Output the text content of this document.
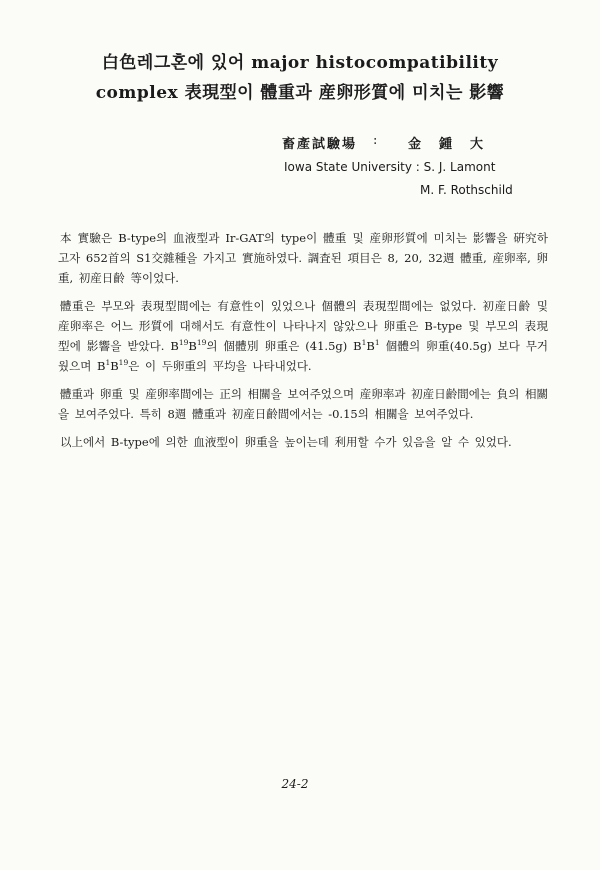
白色레그혼에 있어 major histocompatibility
complex 表現型이 體重과 産卵形質에 미치는 影響
畜產試驗場 : 金鍾大
Iowa State University : S. J. Lamont
M. F. Rothschild

本 實驗은 B-type의 血液型과 Ir-GAT의 type이 體重 및 産卵形質에 미치는 影響을 硏究하고자 652首의 S1交雜種을 가지고 實施하였다. 調査된 項目은 8, 20, 32週 體重, 産卵率, 卵重, 初産日齡 等이었다.

體重은 부모와 表現型間에는 有意性이 있었으나 個體의 表現型間에는 없었다. 初産日齡 및 産卵率은 어느 形質에 대해서도 有意性이 나타나지 않았으나 卵重은 B-type 및 부모의 表現型에 影響을 받았다. $B^{19}B^{19}$의 個體別 卵重은 (41.5g) $B^1B^1$ 個體의 卵重(40.5g) 보다 무거웠으며 $B^1B^{19}$은 이 두卵重의 平均을 나타내었다.

體重과 卵重 및 産卵率間에는 正의 相關을 보여주었으며 産卵率과 初産日齡間에는 負의 相關을 보여주었다. 특히 8週 體重과 初産日齡間에서는 -0.15의 相關을 보여주었다.

以上에서 B-type에 의한 血液型이 卵重을 높이는데 利用할 수가 있음을 알 수 있었다.

24-2
